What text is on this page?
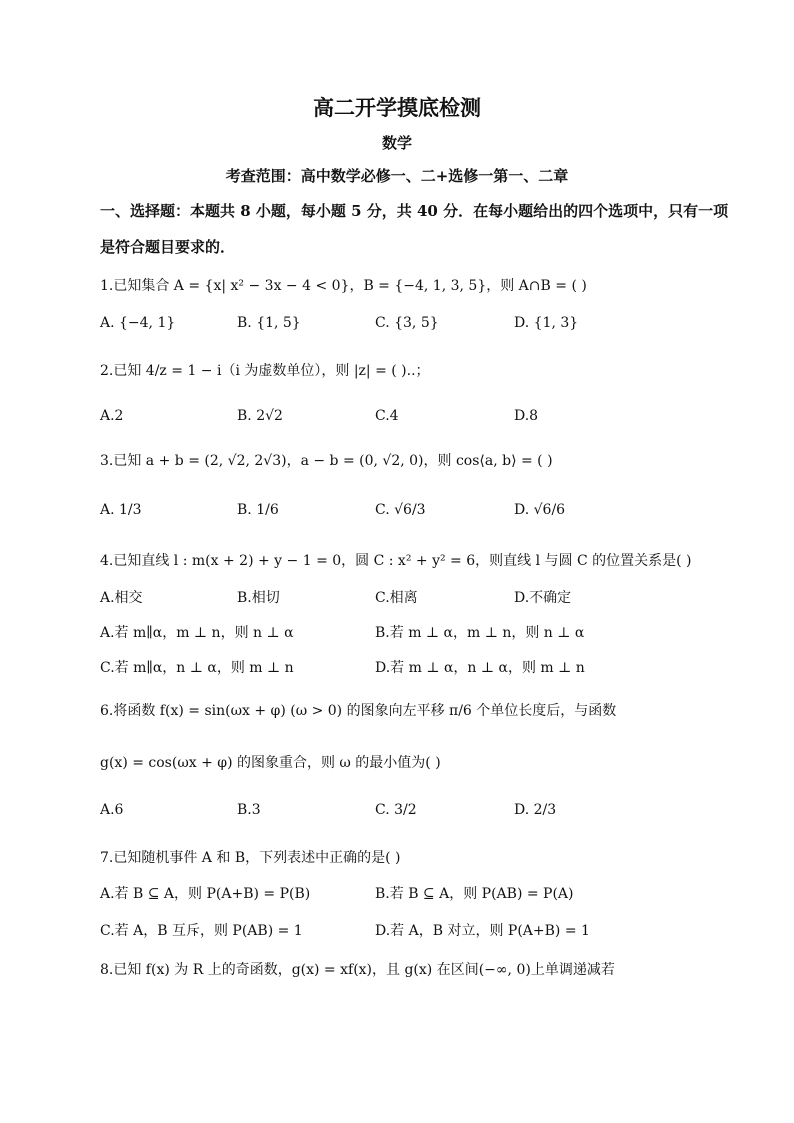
高二开学摸底检测
数学
考查范围：高中数学必修一、二+选修一第一、二章
一、选择题：本题共 8 小题，每小题 5 分，共 40 分．在每小题给出的四个选项中，只有一项
是符合题目要求的．
1.已知集合 A = {x| x² − 3x − 4 < 0}，B = {−4, 1, 3, 5}，则 A∩B = ( )
A. {−4, 1}	B. {1, 5}	C. {3, 5}	D. {1, 3}
2.已知 4/z = 1 − i（i 为虚数单位），则 |z| = ( )..；
A.2	B. 2√2	C.4	D.8
3.已知 a + b = (2, √2, 2√3)，a − b = (0, √2, 0)，则 cos⟨a, b⟩ = ( )
A. 1/3	B. 1/6	C. √6/3	D. √6/6
4.已知直线 l : m(x + 2) + y − 1 = 0，圆 C : x² + y² = 6，则直线 l 与圆 C 的位置关系是( )
A.相交	B.相切	C.相离	D.不确定
A.若 m∥α，m ⊥ n，则 n ⊥ α	B.若 m ⊥ α，m ⊥ n，则 n ⊥ α
C.若 m∥α，n ⊥ α，则 m ⊥ n	D.若 m ⊥ α，n ⊥ α，则 m ⊥ n
6.将函数 f(x) = sin(ωx + φ) (ω > 0) 的图象向左平移 π/6 个单位长度后，与函数
g(x) = cos(ωx + φ) 的图象重合，则 ω 的最小值为( )
A.6	B.3	C. 3/2	D. 2/3
7.已知随机事件 A 和 B，下列表述中正确的是( )
A.若 B ⊆ A，则 P(A+B) = P(B)	B.若 B ⊆ A，则 P(AB) = P(A)
C.若 A，B 互斥，则 P(AB) = 1	D.若 A，B 对立，则 P(A+B) = 1
8.已知 f(x) 为 R 上的奇函数，g(x) = xf(x)，且 g(x) 在区间(−∞, 0)上单调递减若
